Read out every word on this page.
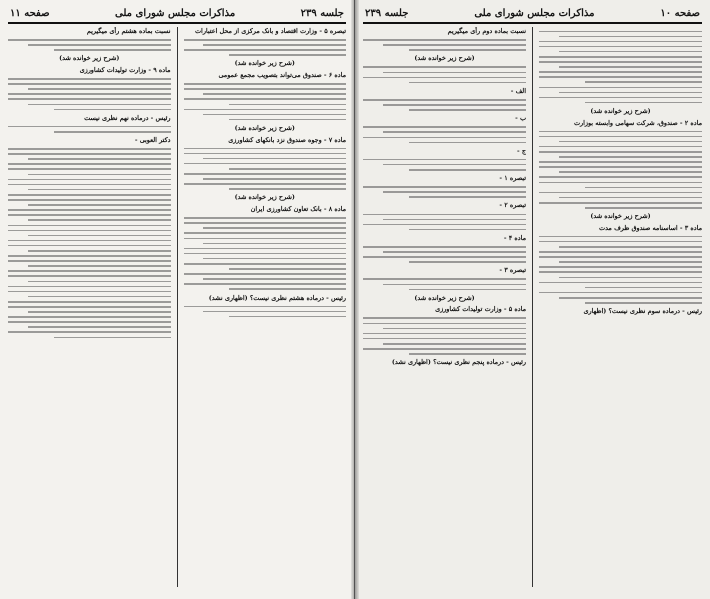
جلسه ۲۳۹
مذاکرات مجلس شورای ملی
صفحه ۱۱

تبصره ۵ - وزارت اقتصاد و بانک مرکزی از محل اعتبارات

(شرح زیر خوانده شد)

ماده ۶ - صندوق می‌تواند بتصویب مجمع عمومی

(شرح زیر خوانده شد)

ماده ۷ - وجوه صندوق نزد بانکهای کشاورزی

(شرح زیر خوانده شد)

ماده ۸ - بانک تعاون کشاورزی ایران

رئیس - درماده هشتم نظری نیست؟ (اظهاری نشد)

نسبت بماده هشتم رأی میگیریم

(شرح زیر خوانده شد)

ماده ۹ - وزارت تولیدات کشاورزی

رئیس - درماده نهم نظری نیست

دکتر العوبی -

صفحه ۱۰
مذاکرات مجلس شورای ملی
جلسه ۲۳۹

(شرح زیر خوانده شد)

ماده ۲ - صندوق، شرکت سهامی وابسته بوزارت

(شرح زیر خوانده شد)

ماده ۳ - اساسنامه صندوق ظرف مدت

رئیس - درماده سوم نظری نیست؟ (اظهاری

نسبت بماده دوم رأی میگیریم

(شرح زیر خوانده شد)

الف -

ب -

ج -

تبصره ۱ -

تبصره ۲ -

ماده ۴ -

تبصره ۳ -

(شرح زیر خوانده شد)

ماده ۵ - وزارت تولیدات کشاورزی

رئیس - درماده پنجم نظری نیست؟ (اظهاری نشد)
